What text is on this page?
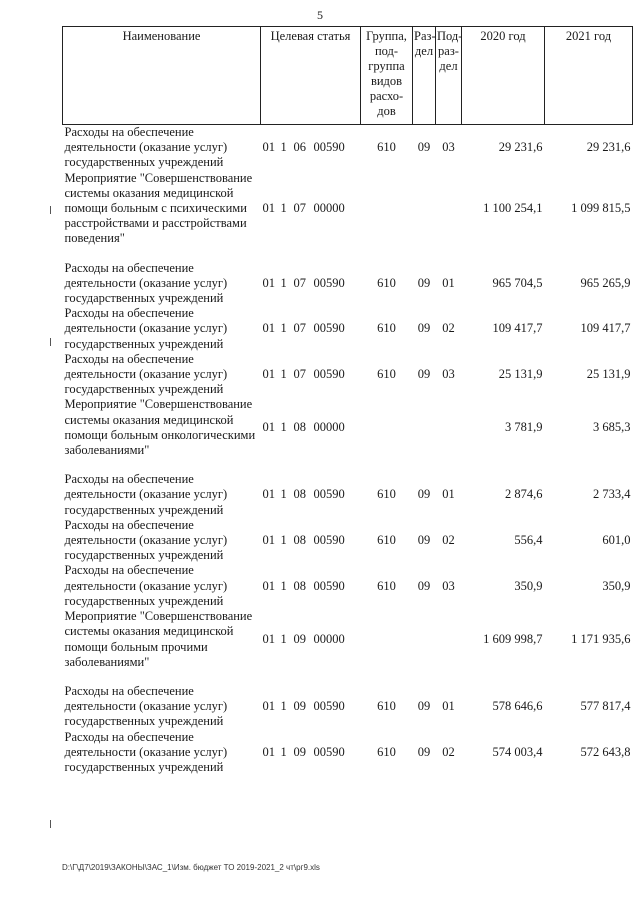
5
Наименование	Целевая статья	Группа, под- группа видов расхо- дов	Раз- дел	Под- раз- дел	2020 год	2021 год
Расходы на обеспечение деятельности (оказание услуг) государственных учреждений	01 1 06 00590	610	09	03	29 231,6	29 231,6
Мероприятие "Совершенствование системы оказания медицинской помощи больным с психическими расстройствами и расстройствами поведения"	01 1 07 00000				1 100 254,1	1 099 815,5

Расходы на обеспечение деятельности (оказание услуг) государственных учреждений	01 1 07 00590	610	09	01	965 704,5	965 265,9
Расходы на обеспечение деятельности (оказание услуг) государственных учреждений	01 1 07 00590	610	09	02	109 417,7	109 417,7
Расходы на обеспечение деятельности (оказание услуг) государственных учреждений	01 1 07 00590	610	09	03	25 131,9	25 131,9
Мероприятие "Совершенствование системы оказания медицинской помощи больным онкологическими заболеваниями"	01 1 08 00000				3 781,9	3 685,3

Расходы на обеспечение деятельности (оказание услуг) государственных учреждений	01 1 08 00590	610	09	01	2 874,6	2 733,4
Расходы на обеспечение деятельности (оказание услуг) государственных учреждений	01 1 08 00590	610	09	02	556,4	601,0
Расходы на обеспечение деятельности (оказание услуг) государственных учреждений	01 1 08 00590	610	09	03	350,9	350,9
Мероприятие "Совершенствование системы оказания медицинской помощи больным прочими заболеваниями"	01 1 09 00000				1 609 998,7	1 171 935,6

Расходы на обеспечение деятельности (оказание услуг) государственных учреждений	01 1 09 00590	610	09	01	578 646,6	577 817,4
Расходы на обеспечение деятельности (оказание услуг) государственных учреждений	01 1 09 00590	610	09	02	574 003,4	572 643,8
D:\Г\Д7\2019\ЗАКОНЫ\ЗАС_1\Изм. бюджет ТО 2019-2021_2 чт\рг9.xls
